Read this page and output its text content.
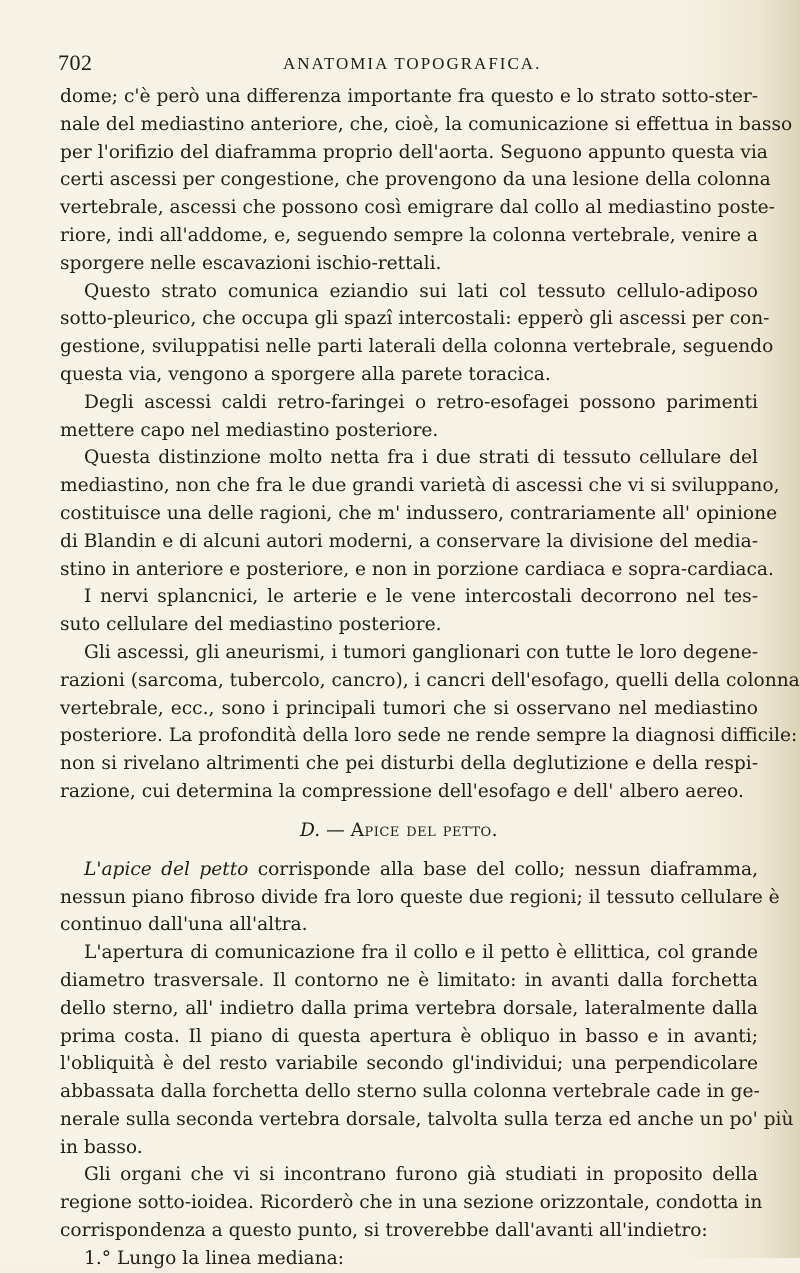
702	ANATOMIA TOPOGRAFICA.
dome; c'è però una differenza importante fra questo e lo strato sotto-ster-
nale del mediastino anteriore, che, cioè, la comunicazione si effettua in basso
per l'orifizio del diaframma proprio dell'aorta. Seguono appunto questa via
certi ascessi per congestione, che provengono da una lesione della colonna
vertebrale, ascessi che possono così emigrare dal collo al mediastino poste-
riore, indi all'addome, e, seguendo sempre la colonna vertebrale, venire a
sporgere nelle escavazioni ischio-rettali.
Questo strato comunica eziandio sui lati col tessuto cellulo-adiposo
sotto-pleurico, che occupa gli spazî intercostali: epperò gli ascessi per con-
gestione, sviluppatisi nelle parti laterali della colonna vertebrale, seguendo
questa via, vengono a sporgere alla parete toracica.
Degli ascessi caldi retro-faringei o retro-esofagei possono parimenti
mettere capo nel mediastino posteriore.
Questa distinzione molto netta fra i due strati di tessuto cellulare del
mediastino, non che fra le due grandi varietà di ascessi che vi si sviluppano,
costituisce una delle ragioni, che m' indussero, contrariamente all' opinione
di Blandin e di alcuni autori moderni, a conservare la divisione del media-
stino in anteriore e posteriore, e non in porzione cardiaca e sopra-cardiaca.
I nervi splancnici, le arterie e le vene intercostali decorrono nel tes-
suto cellulare del mediastino posteriore.
Gli ascessi, gli aneurismi, i tumori ganglionari con tutte le loro degene-
razioni (sarcoma, tubercolo, cancro), i cancri dell'esofago, quelli della colonna
vertebrale, ecc., sono i principali tumori che si osservano nel mediastino
posteriore. La profondità della loro sede ne rende sempre la diagnosi difficile:
non si rivelano altrimenti che pei disturbi della deglutizione e della respi-
razione, cui determina la compressione dell'esofago e dell' albero aereo.
D. — Apice del petto.
L'apice del petto corrisponde alla base del collo; nessun diaframma,
nessun piano fibroso divide fra loro queste due regioni; il tessuto cellulare è
continuo dall'una all'altra.
L'apertura di comunicazione fra il collo e il petto è ellittica, col grande
diametro trasversale. Il contorno ne è limitato: in avanti dalla forchetta
dello sterno, all' indietro dalla prima vertebra dorsale, lateralmente dalla
prima costa. Il piano di questa apertura è obliquo in basso e in avanti;
l'obliquità è del resto variabile secondo gl'individui; una perpendicolare
abbassata dalla forchetta dello sterno sulla colonna vertebrale cade in ge-
nerale sulla seconda vertebra dorsale, talvolta sulla terza ed anche un po' più
in basso.
Gli organi che vi si incontrano furono già studiati in proposito della
regione sotto-ioidea. Ricorderò che in una sezione orizzontale, condotta in
corrispondenza a questo punto, si troverebbe dall'avanti all'indietro:
1.° Lungo la linea mediana:
